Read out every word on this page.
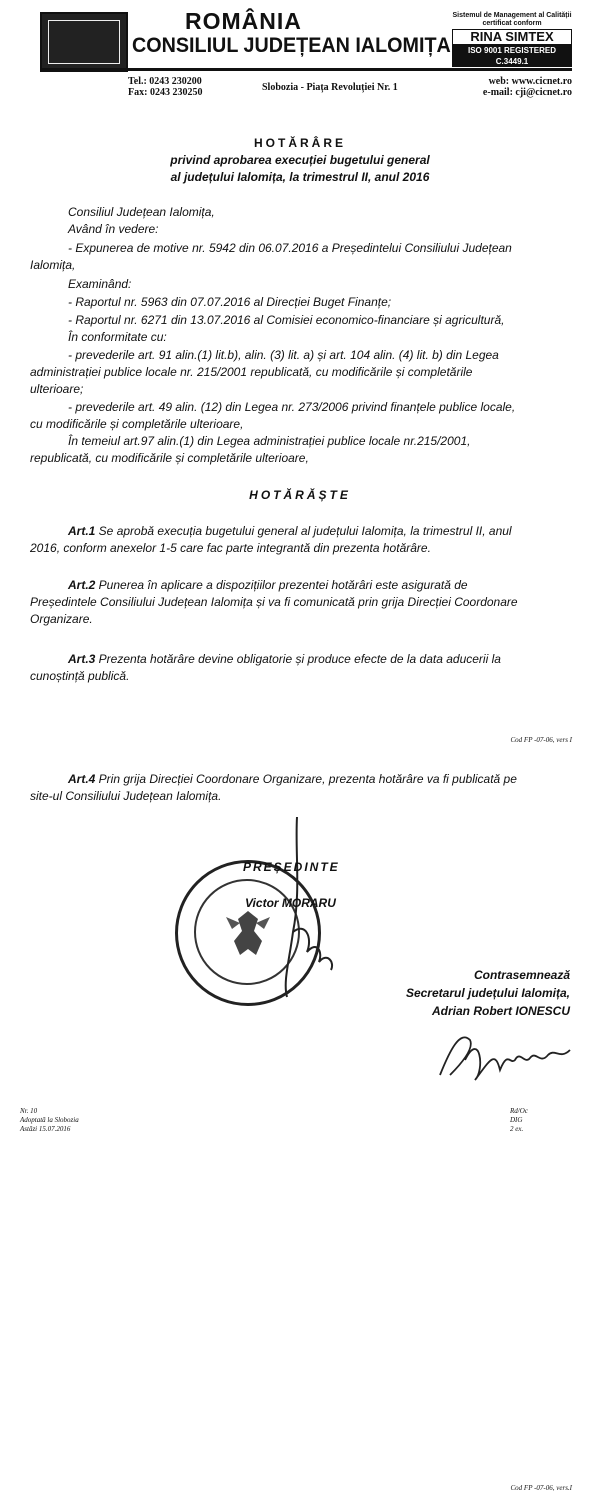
ROMÂNIA
CONSILIUL JUDEȚEAN IALOMIȚA
Sistemul de Management al Calității
certificat conform
RINA SIMTEX
ISO 9001 REGISTERED C.3449.1
Tel.: 0243 230200
Fax: 0243 230250	Slobozia - Piața Revoluției Nr. 1
web: www.cicnet.ro
e-mail: cji@cicnet.ro
HOTĂRÂRE
privind aprobarea execuției bugetului general
al județului Ialomița, la trimestrul II, anul 2016
Consiliul Județean Ialomița,
Având în vedere:
- Expunerea de motive nr. 5942 din 06.07.2016 a Președintelui Consiliului Județean
Ialomița,
Examinând:
- Raportul nr. 5963 din 07.07.2016 al Direcției Buget Finanțe;
- Raportul nr. 6271 din 13.07.2016 al Comisiei economico-financiare și agricultură,
În conformitate cu:
- prevederile art. 91 alin.(1) lit.b), alin. (3) lit. a) și art. 104 alin. (4) lit. b) din Legea
administrației publice locale nr. 215/2001 republicată, cu modificările și completările
ulterioare;
- prevederile art. 49 alin. (12) din Legea nr. 273/2006 privind finanțele publice locale,
cu modificările și completările ulterioare,
În temeiul art.97 alin.(1) din Legea administrației publice locale nr.215/2001,
republicată, cu modificările și completările ulterioare,
HOTĂRĂȘTE
Art.1 Se aprobă execuția bugetului general al județului Ialomița, la trimestrul II, anul
2016, conform anexelor 1-5 care fac parte integrantă din prezenta hotărâre.
Art.2 Punerea în aplicare a dispozițiilor prezentei hotărâri este asigurată de
Președintele Consiliului Județean Ialomița și va fi comunicată prin grija Direcției Coordonare
Organizare.
Art.3 Prezenta hotărâre devine obligatorie și produce efecte de la data aducerii la
cunoștință publică.
Cod FP -07-06, vers I
Art.4 Prin grija Direcției Coordonare Organizare, prezenta hotărâre va fi publicată pe
site-ul Consiliului Județean Ialomița.
PREȘEDINTE
Victor MORARU
Contrasemnează
Secretarul județului Ialomița,
Adrian Robert IONESCU
Nr. 10
Adoptată la Slobozia
Astăzi 15.07.2016
Rd/Oc
DIG
2 ex.
Cod FP -07-06, vers.I
